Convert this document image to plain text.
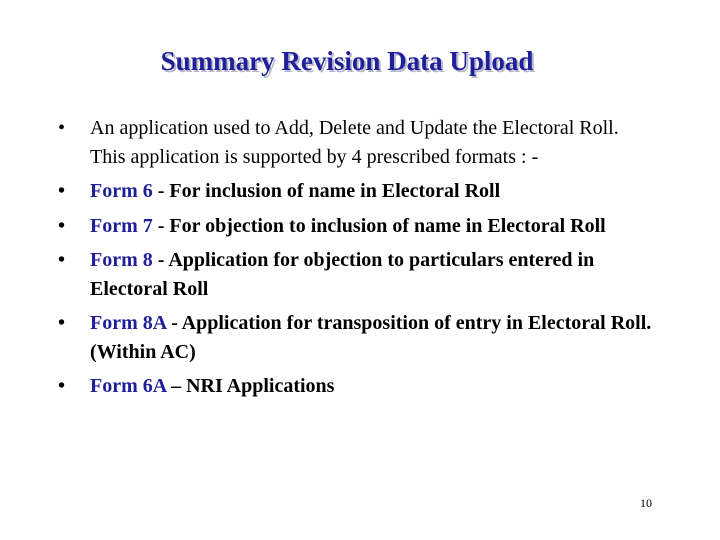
Summary Revision Data Upload
• An application used to Add, Delete and Update the Electoral Roll. This application is supported by 4 prescribed formats : -
• Form 6 - For inclusion of name in Electoral Roll
• Form 7 - For objection to inclusion of name in Electoral Roll
• Form 8 - Application for objection to particulars entered in Electoral Roll
• Form 8A - Application for transposition of entry in Electoral Roll. (Within AC)
• Form 6A – NRI Applications
10
